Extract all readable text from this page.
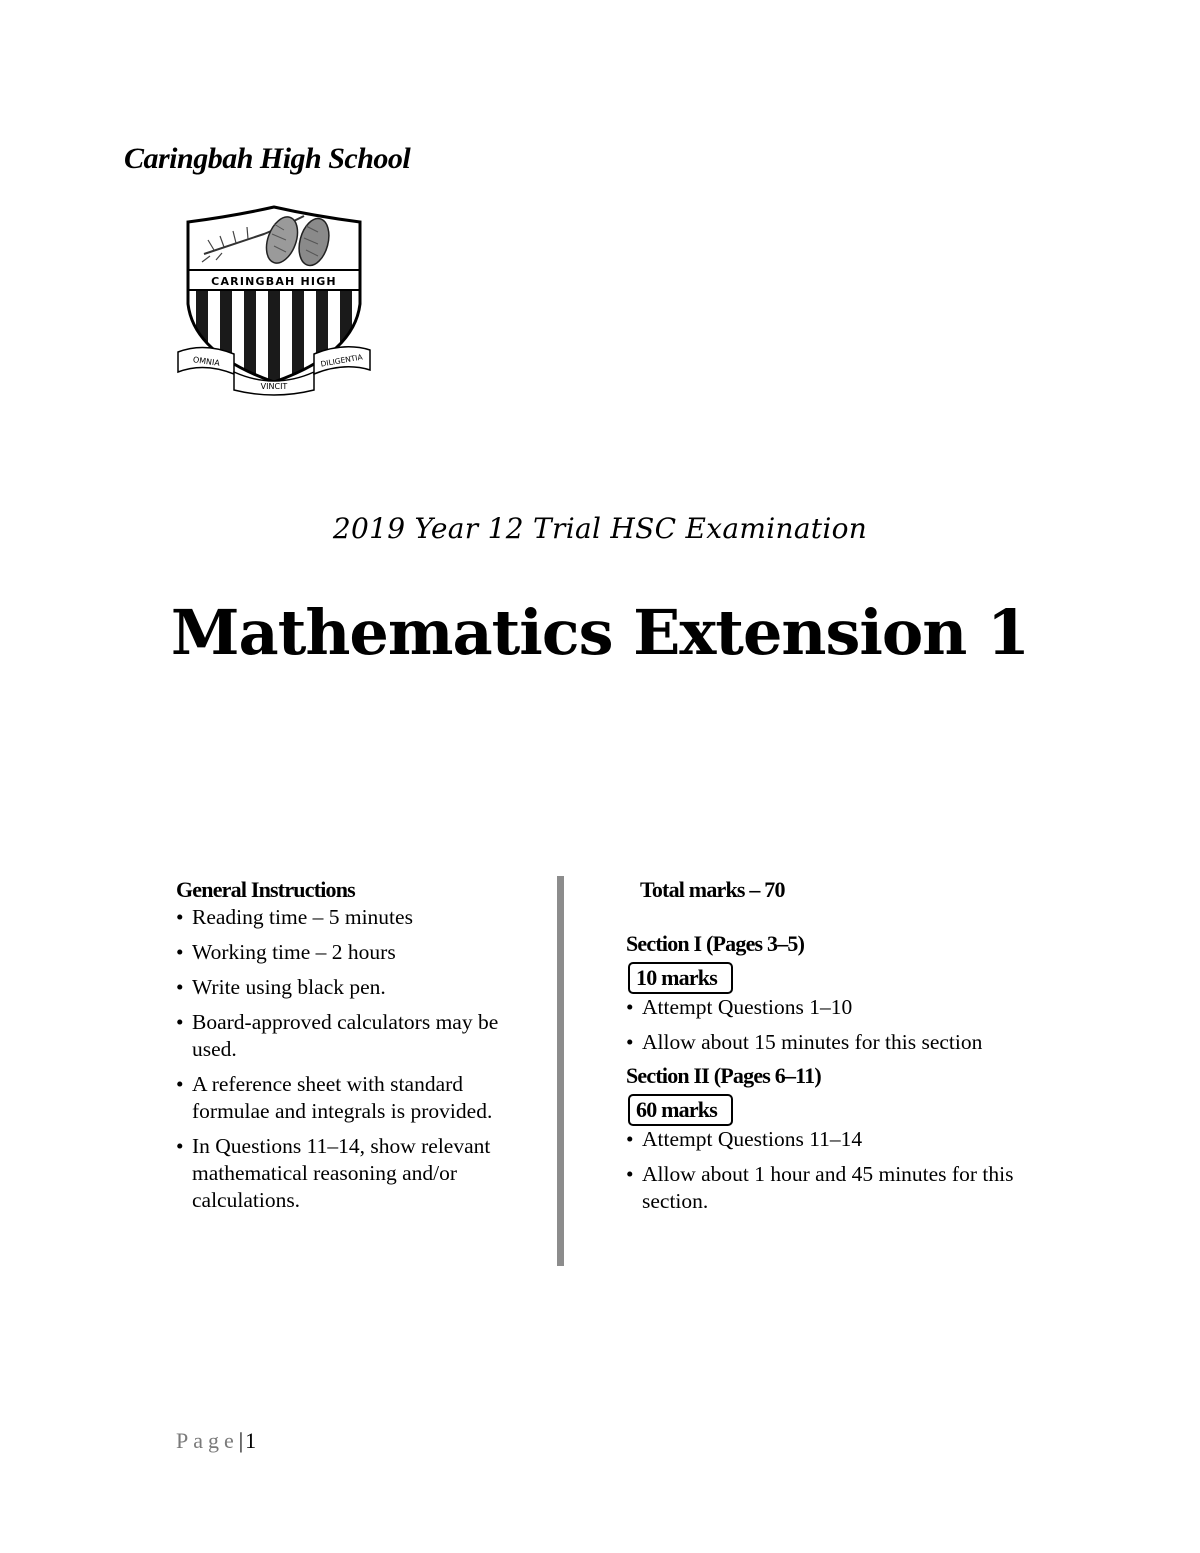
Caringbah High School
CARINGBAH HIGH
OMNIA
VINCIT
DILIGENTIA
2019 Year 12 Trial HSC Examination
Mathematics Extension 1
General Instructions
• Reading time – 5 minutes
• Working time – 2 hours
• Write using black pen.
• Board-approved calculators may be used.
• A reference sheet with standard formulae and integrals is provided.
• In Questions 11–14, show relevant mathematical reasoning and/or calculations.
Total marks – 70
Section I (Pages 3–5)
10 marks
• Attempt Questions 1–10
• Allow about 15 minutes for this section
Section II (Pages 6–11)
60 marks
• Attempt Questions 11–14
• Allow about 1 hour and 45 minutes for this section.
Page|1
